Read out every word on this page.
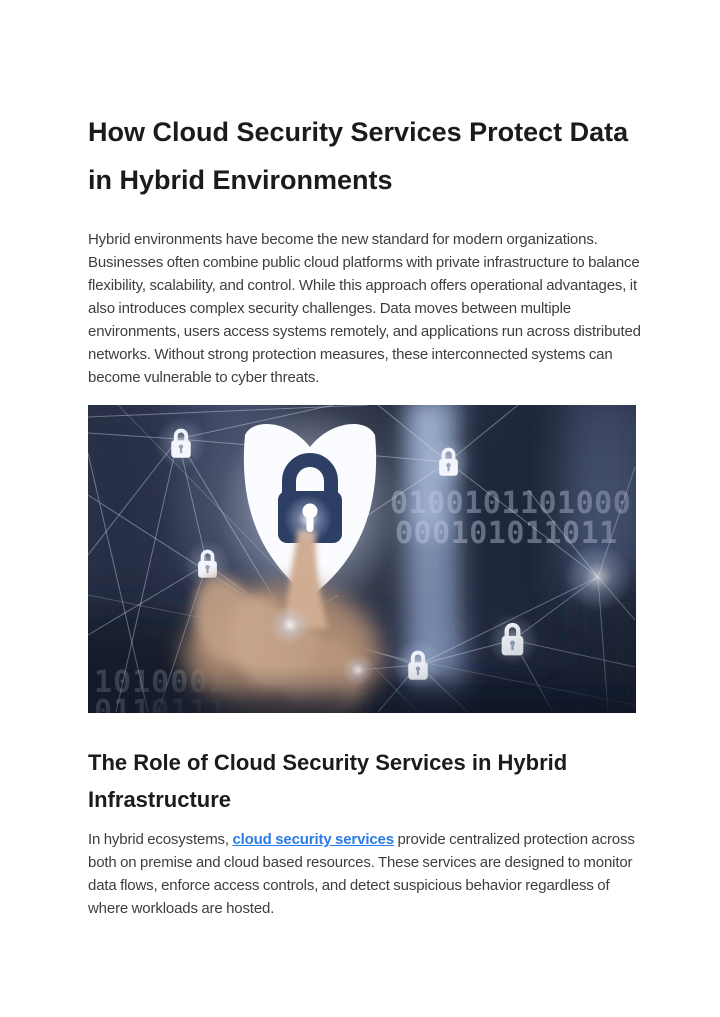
How Cloud Security Services Protect Data in Hybrid Environments

Hybrid environments have become the new standard for modern organizations. Businesses often combine public cloud platforms with private infrastructure to balance flexibility, scalability, and control. While this approach offers operational advantages, it also introduces complex security challenges. Data moves between multiple environments, users access systems remotely, and applications run across distributed networks. Without strong protection measures, these interconnected systems can become vulnerable to cyber threats.

The Role of Cloud Security Services in Hybrid Infrastructure

In hybrid ecosystems, cloud security services provide centralized protection across both on premise and cloud based resources. These services are designed to monitor data flows, enforce access controls, and detect suspicious behavior regardless of where workloads are hosted.
